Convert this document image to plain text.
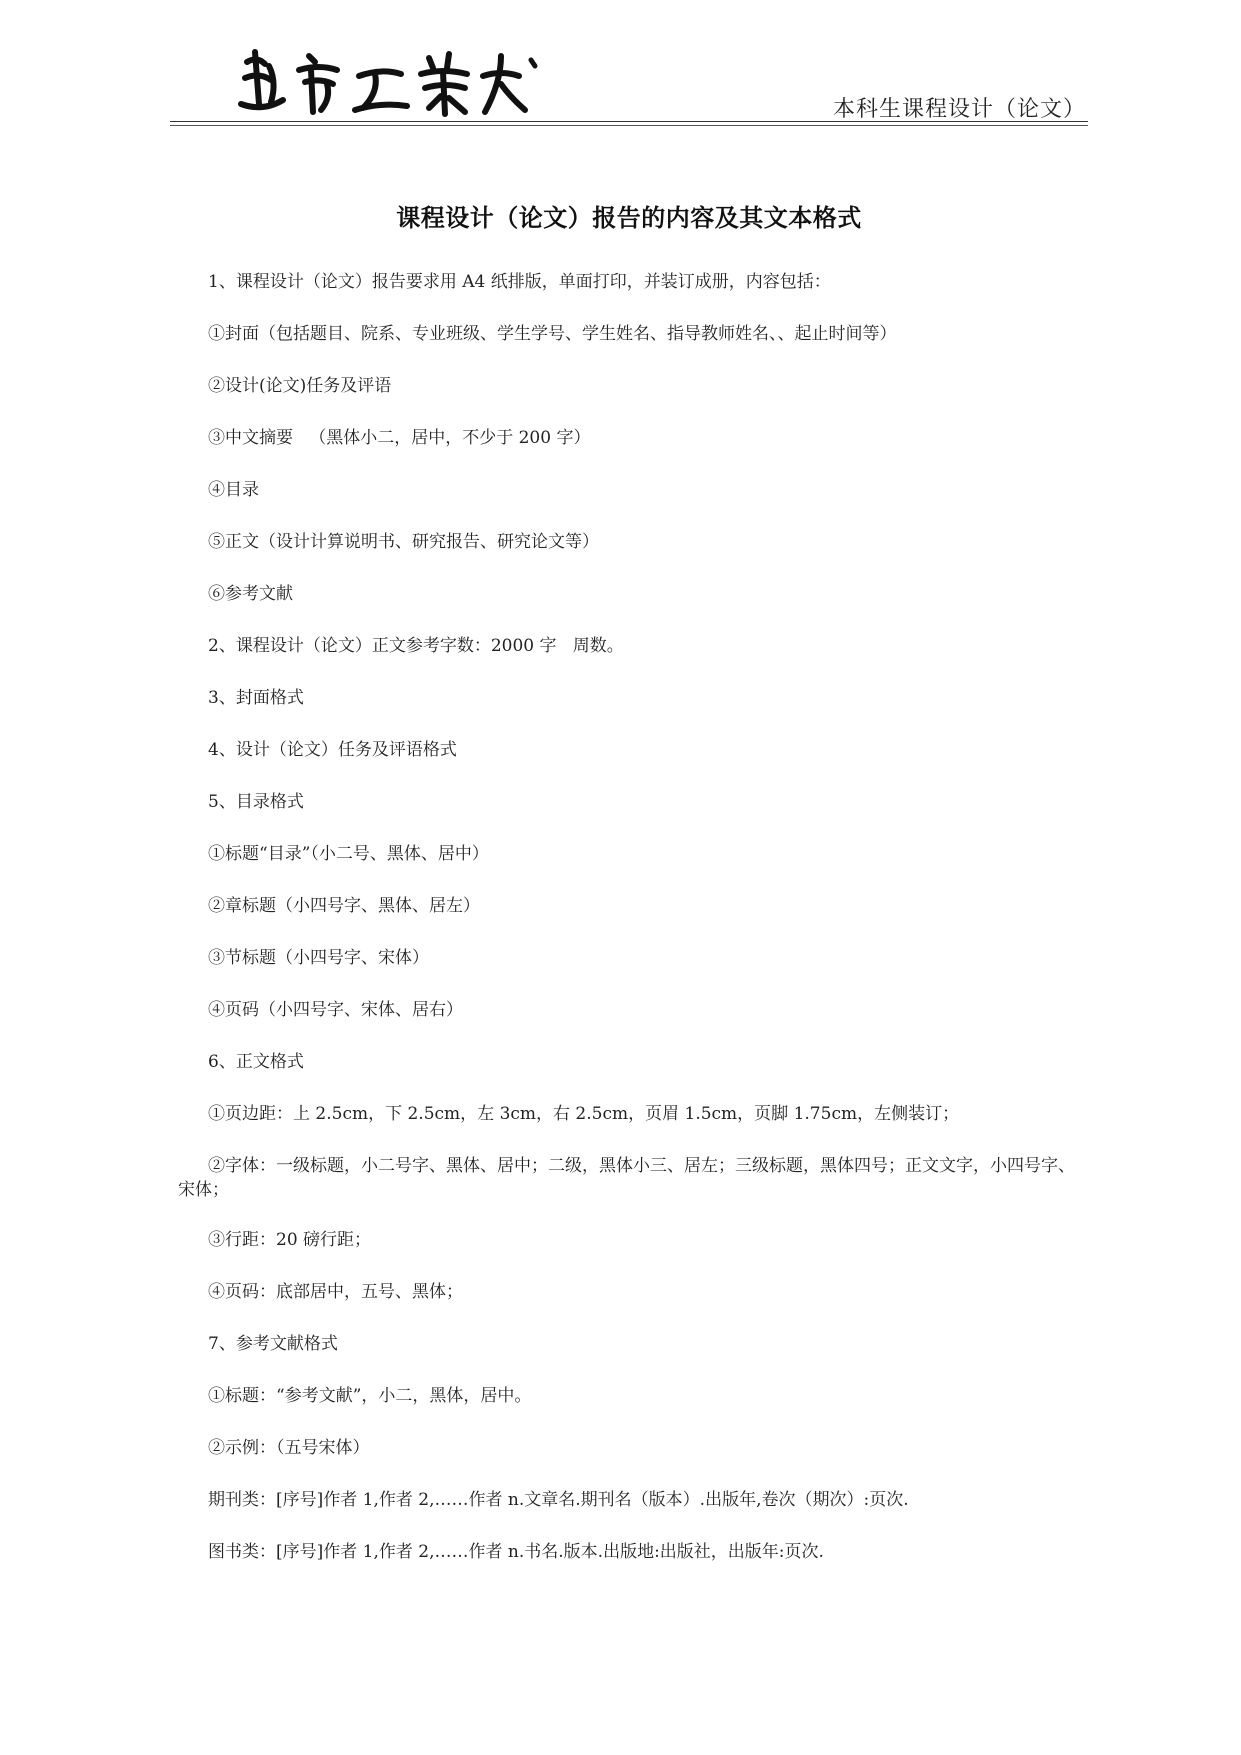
本科生课程设计（论文）
课程设计（论文）报告的内容及其文本格式

1、课程设计（论文）报告要求用 A4 纸排版，单面打印，并装订成册，内容包括：

①封面（包括题目、院系、专业班级、学生学号、学生姓名、指导教师姓名、、起止时间等）

②设计(论文)任务及评语

③中文摘要   （黑体小二，居中，不少于 200 字）

④目录

⑤正文（设计计算说明书、研究报告、研究论文等）

⑥参考文献

2、课程设计（论文）正文参考字数：2000 字   周数。

3、封面格式

4、设计（论文）任务及评语格式

5、目录格式

①标题“目录”（小二号、黑体、居中）

②章标题（小四号字、黑体、居左）

③节标题（小四号字、宋体）

④页码（小四号字、宋体、居右）

6、正文格式

①页边距：上 2.5cm，下 2.5cm，左 3cm，右 2.5cm，页眉 1.5cm，页脚 1.75cm，左侧装订；

②字体：一级标题，小二号字、黑体、居中；二级，黑体小三、居左；三级标题，黑体四号；正文文字，小四号字、宋体；

③行距：20 磅行距；

④页码：底部居中，五号、黑体；

7、参考文献格式

①标题：“参考文献”，小二，黑体，居中。

②示例：（五号宋体）

期刊类：[序号]作者 1,作者 2,……作者 n.文章名.期刊名（版本）.出版年,卷次（期次）:页次.

图书类：[序号]作者 1,作者 2,……作者 n.书名.版本.出版地:出版社，出版年:页次.
